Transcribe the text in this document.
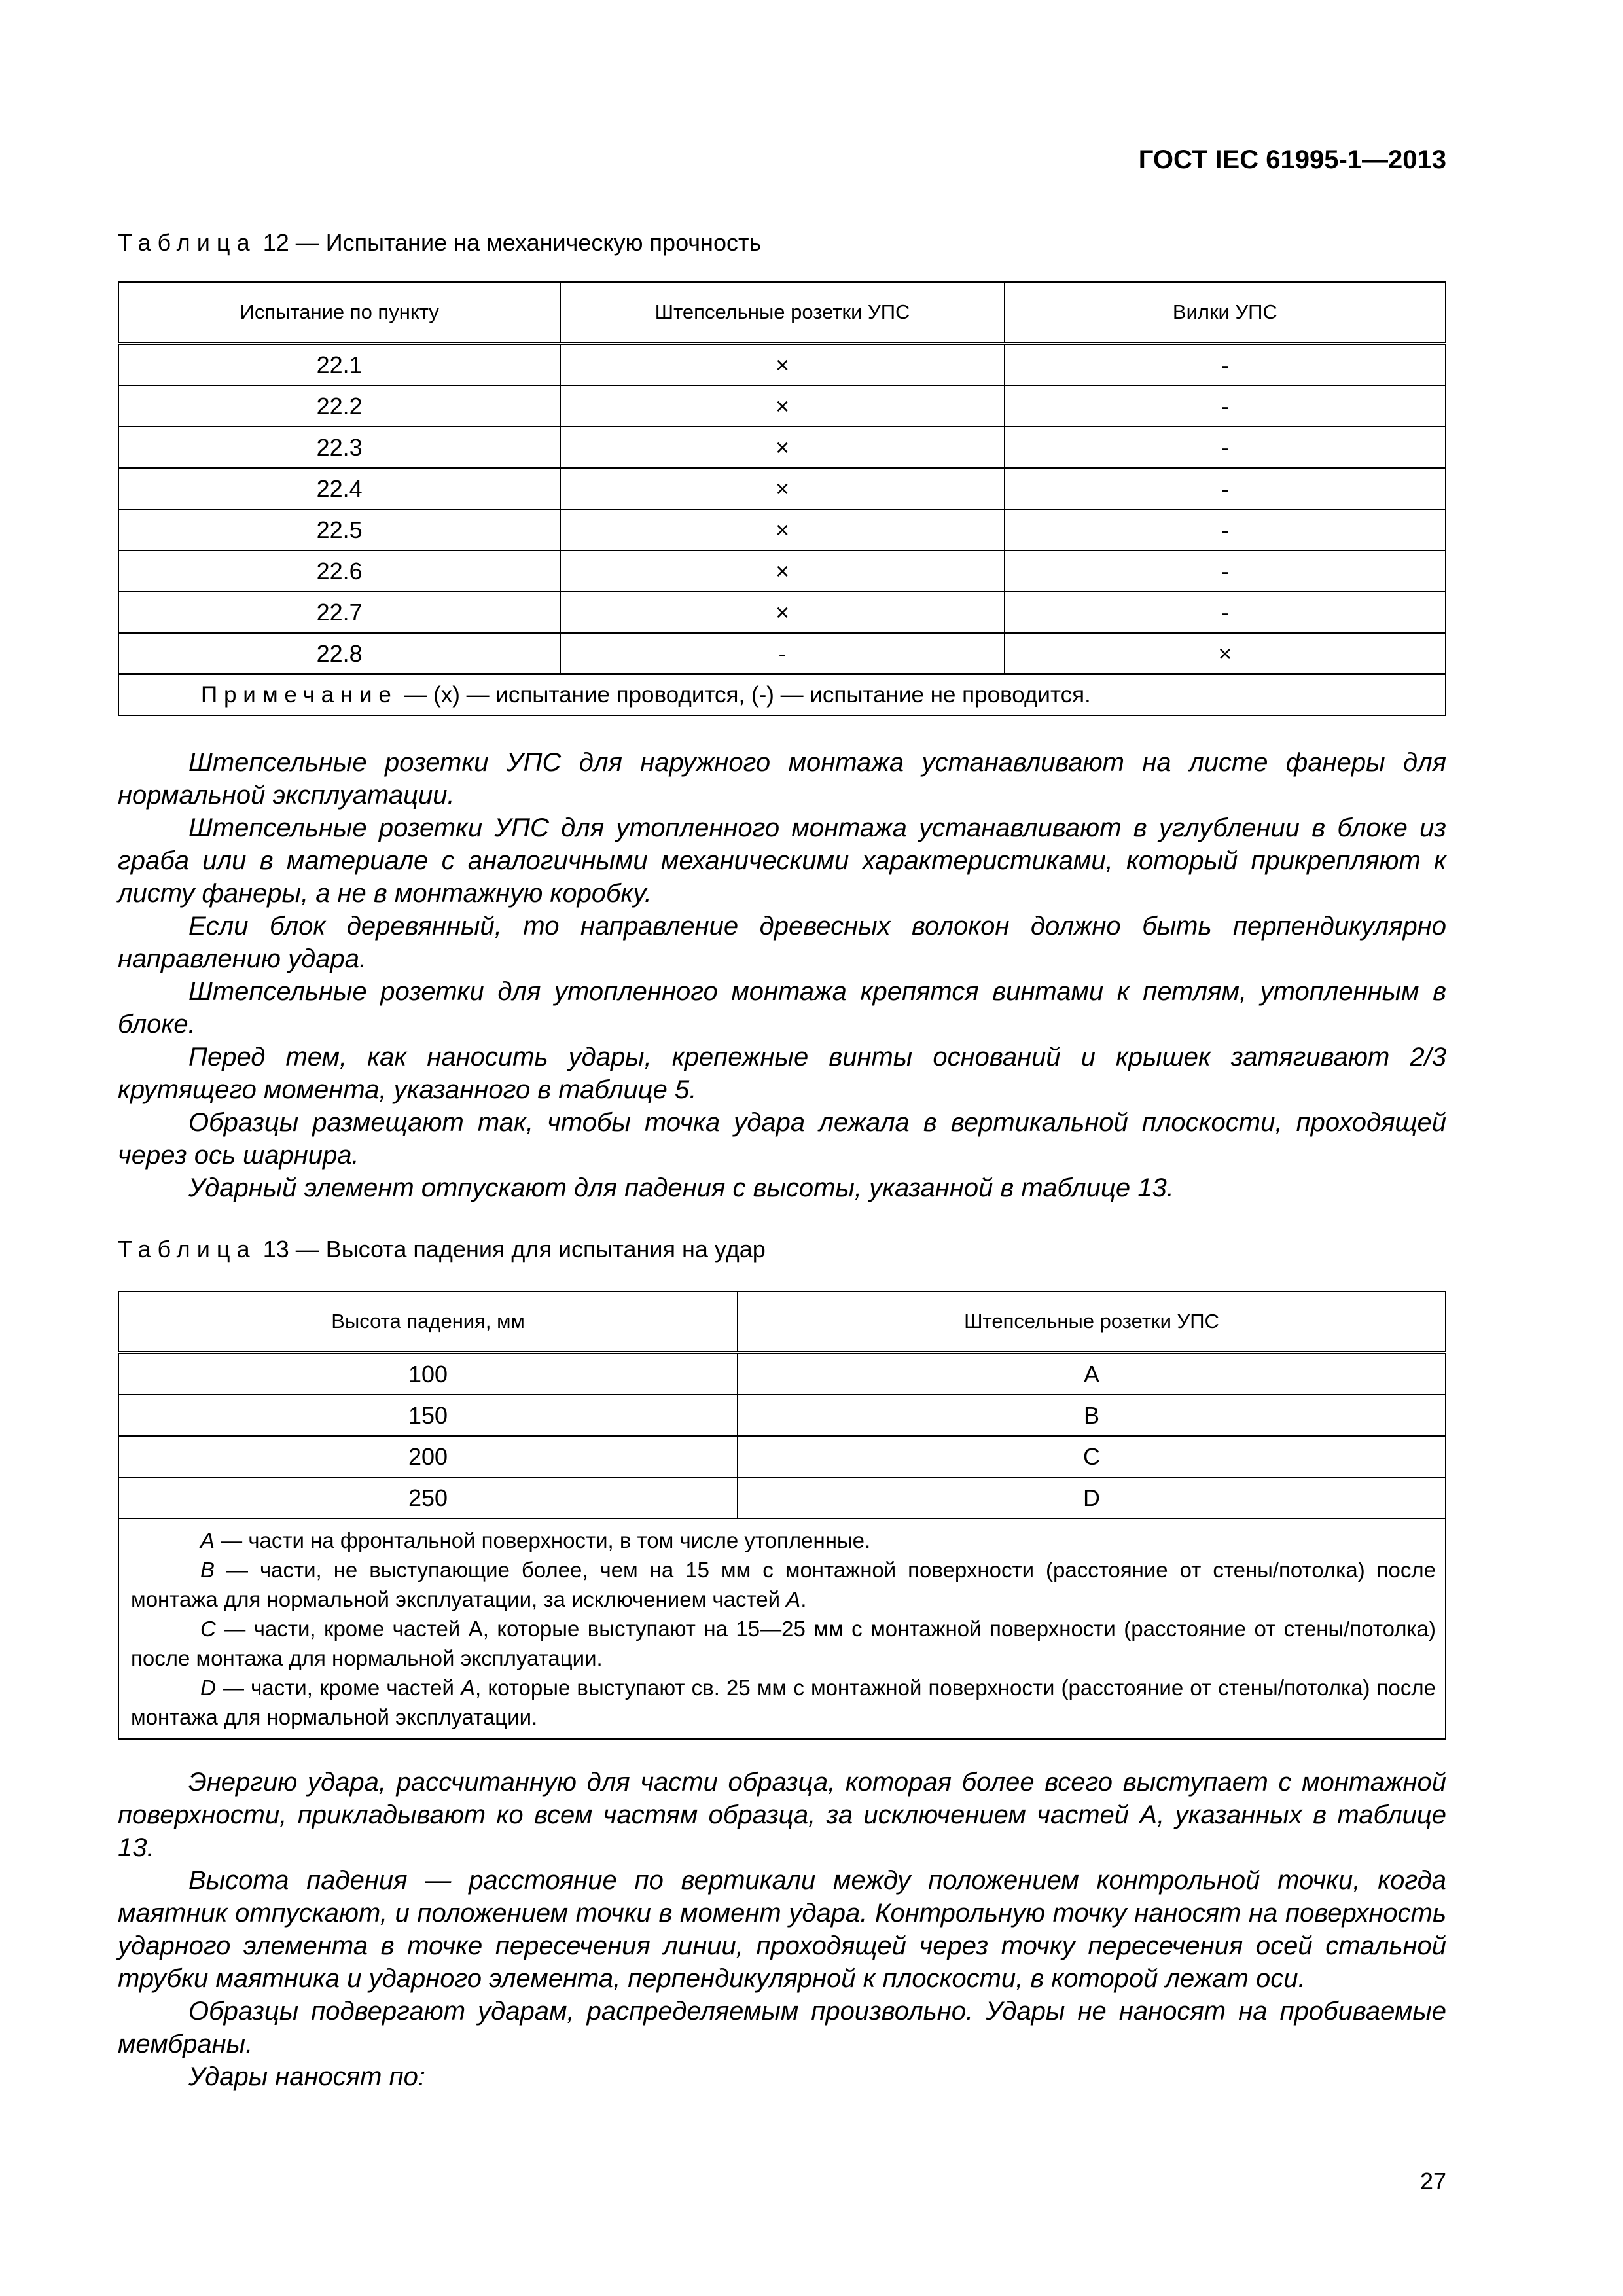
ГОСТ IEC 61995-1—2013
Таблица 12 — Испытание на механическую прочность
Испытание по пункту	Штепсельные розетки УПС	Вилки УПС
22.1	×	-
22.2	×	-
22.3	×	-
22.4	×	-
22.5	×	-
22.6	×	-
22.7	×	-
22.8	-	×
Примечание — (x) — испытание проводится, (-) — испытание не проводится.		

Штепсельные розетки УПС для наружного монтажа устанавливают на листе фанеры для нормальной эксплуатации.

Штепсельные розетки УПС для утопленного монтажа устанавливают в углублении в блоке из граба или в материале с аналогичными механическими характеристиками, который прикрепляют к листу фанеры, а не в монтажную коробку.

Если блок деревянный, то направление древесных волокон должно быть перпендикулярно направлению удара.

Штепсельные розетки для утопленного монтажа крепятся винтами к петлям, утопленным в блоке.

Перед тем, как наносить удары, крепежные винты оснований и крышек затягивают 2/3 крутящего момента, указанного в таблице 5.

Образцы размещают так, чтобы точка удара лежала в вертикальной плоскости, проходящей через ось шарнира.

Ударный элемент отпускают для падения с высоты, указанной в таблице 13.

Таблица 13 — Высота падения для испытания на удар
Высота падения, мм	Штепсельные розетки УПС
100	A
150	B
200	C
250	D

A — части на фронтальной поверхности, в том числе утопленные.

B — части, не выступающие более, чем на 15 мм с монтажной поверхности (расстояние от стены/потолка) после монтажа для нормальной эксплуатации, за исключением частей A.

C — части, кроме частей А, которые выступают на 15—25 мм с монтажной поверхности (расстояние от стены/потолка) после монтажа для нормальной эксплуатации.

D — части, кроме частей A, которые выступают св. 25 мм с монтажной поверхности (расстояние от стены/потолка) после монтажа для нормальной эксплуатации.	

Энергию удара, рассчитанную для части образца, которая более всего выступает с монтажной поверхности, прикладывают ко всем частям образца, за исключением частей А, указанных в таблице 13.

Высота падения — расстояние по вертикали между положением контрольной точки, когда маятник отпускают, и положением точки в момент удара. Контрольную точку наносят на поверхность ударного элемента в точке пересечения линии, проходящей через точку пересечения осей стальной трубки маятника и ударного элемента, перпендикулярной к плоскости, в которой лежат оси.

Образцы подвергают ударам, распределяемым произвольно. Удары не наносят на пробиваемые мембраны.

Удары наносят по:

27
